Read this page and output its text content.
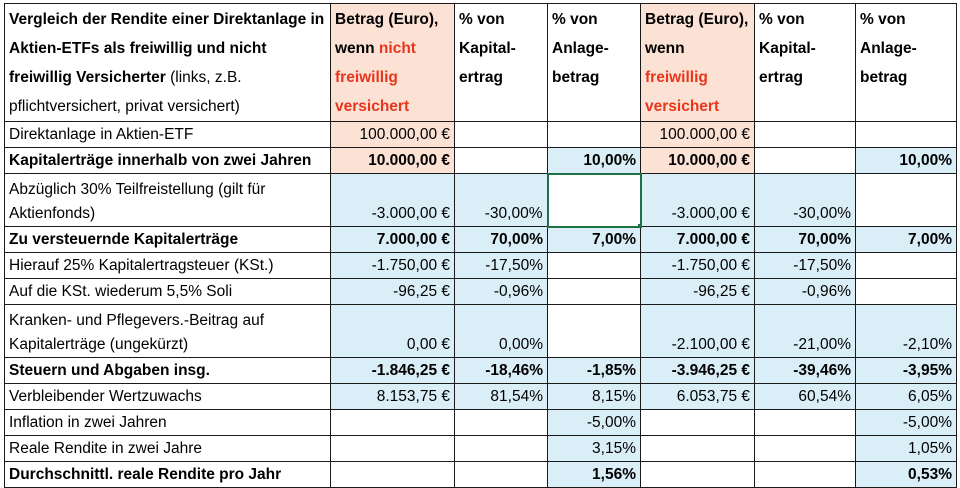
Vergleich der Rendite einer Direktanlage in Aktien-ETFs als freiwillig und nicht freiwillig Versicherter (links, z.B. pflichtversichert, privat versichert)	Betrag (Euro), wenn nicht freiwillig versichert	% von Kapital-ertrag	% von Anlage-betrag	Betrag (Euro), wenn freiwillig versichert	% von Kapital-ertrag	% von Anlage-betrag
Direktanlage in Aktien-ETF	100.000,00 €			100.000,00 €		
Kapitalerträge innerhalb von zwei Jahren	10.000,00 €		10,00%	10.000,00 €		10,00%
Abzüglich 30% Teilfreistellung (gilt für Aktienfonds)	-3.000,00 €	-30,00%		-3.000,00 €	-30,00%	
Zu versteuernde Kapitalerträge	7.000,00 €	70,00%	7,00%	7.000,00 €	70,00%	7,00%
Hierauf 25% Kapitalertragsteuer (KSt.)	-1.750,00 €	-17,50%		-1.750,00 €	-17,50%	
Auf die KSt. wiederum 5,5% Soli	-96,25 €	-0,96%		-96,25 €	-0,96%	
Kranken- und Pflegevers.-Beitrag auf Kapitalerträge (ungekürzt)	0,00 €	0,00%		-2.100,00 €	-21,00%	-2,10%
Steuern und Abgaben insg.	-1.846,25 €	-18,46%	-1,85%	-3.946,25 €	-39,46%	-3,95%
Verbleibender Wertzuwachs	8.153,75 €	81,54%	8,15%	6.053,75 €	60,54%	6,05%
Inflation in zwei Jahren			-5,00%			-5,00%
Reale Rendite in zwei Jahre			3,15%			1,05%
Durchschnittl. reale Rendite pro Jahr			1,56%			0,53%
